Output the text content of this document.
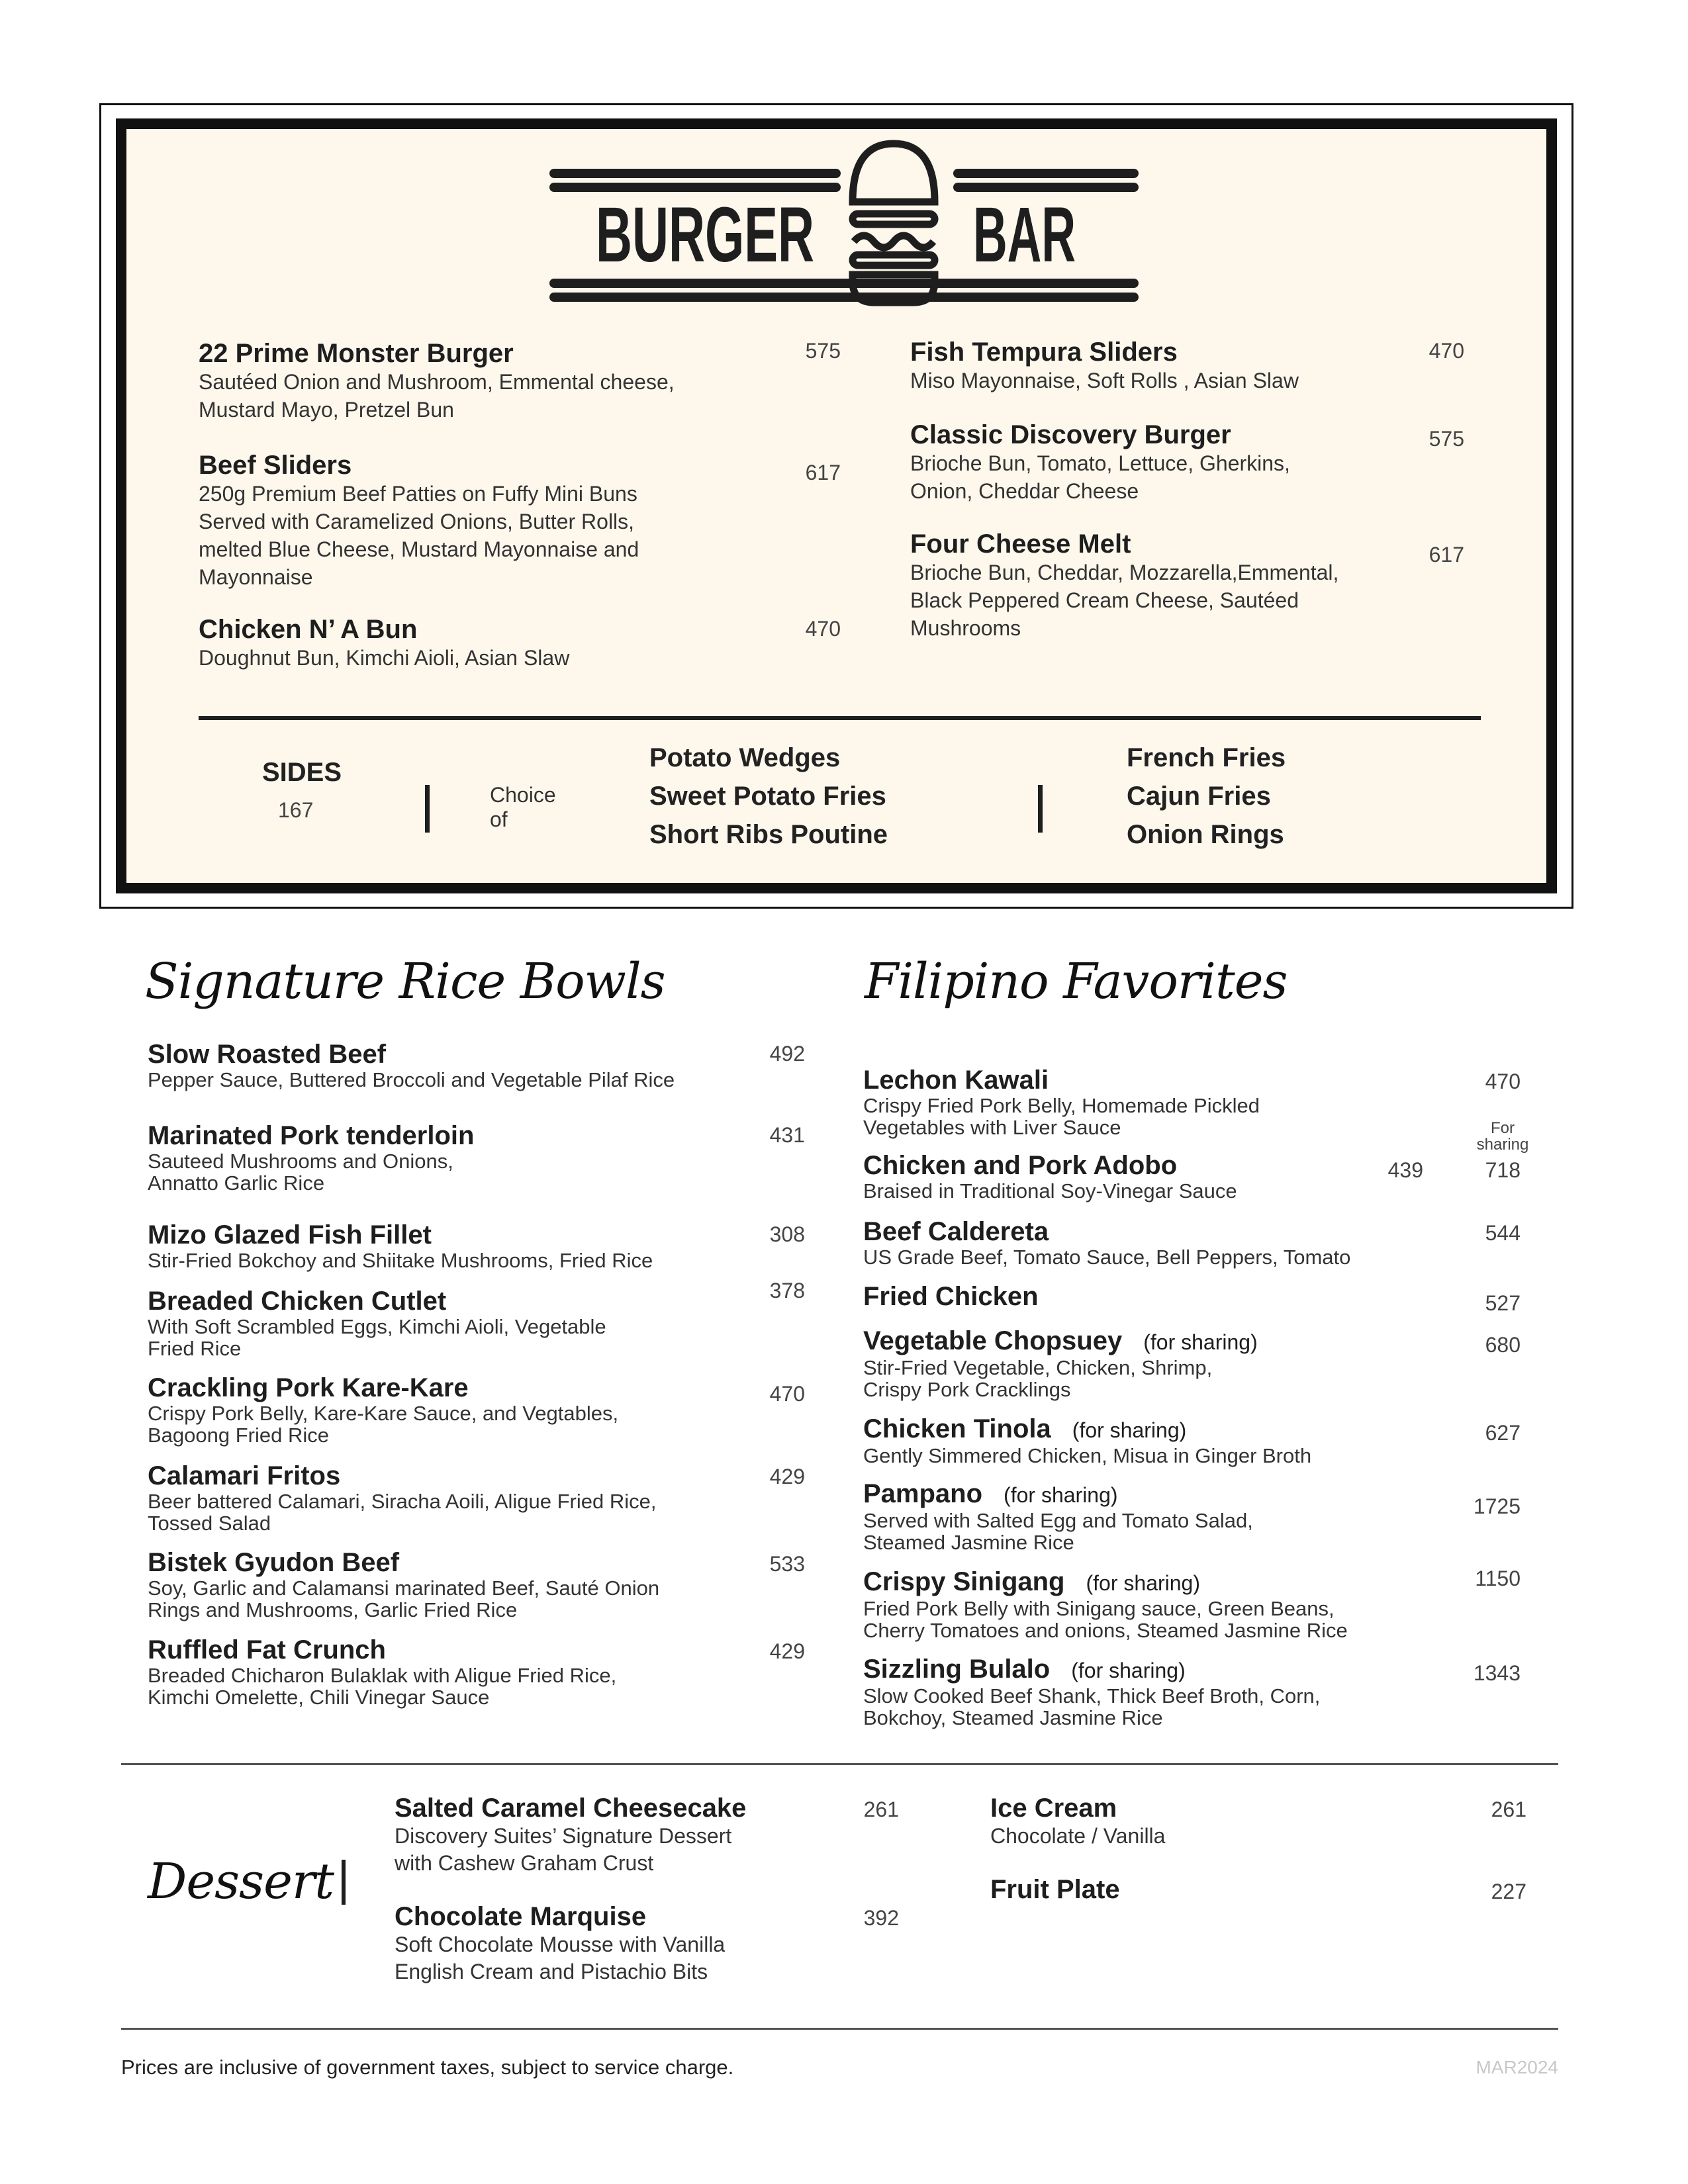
BURGER BAR
22 Prime Monster Burger
Sautéed Onion and Mushroom, Emmental cheese,
Mustard Mayo, Pretzel Bun
575
Beef Sliders
250g Premium Beef Patties on Fuffy Mini Buns
Served with Caramelized Onions, Butter Rolls,
melted Blue Cheese, Mustard Mayonnaise and
Mayonnaise
617
Chicken N’ A Bun
Doughnut Bun, Kimchi Aioli, Asian Slaw
470
Fish Tempura Sliders
Miso Mayonnaise, Soft Rolls , Asian Slaw
470
Classic Discovery Burger
Brioche Bun, Tomato, Lettuce, Gherkins,
Onion, Cheddar Cheese
575
Four Cheese Melt
Brioche Bun, Cheddar, Mozzarella,Emmental,
Black Peppered Cream Cheese, Sautéed
Mushrooms
617
Slow Roasted Beef
Pepper Sauce, Buttered Broccoli and Vegetable Pilaf Rice
492
Marinated Pork tenderloin
Sauteed Mushrooms and Onions,
Annatto Garlic Rice
431
Mizo Glazed Fish Fillet
Stir-Fried Bokchoy and Shiitake Mushrooms, Fried Rice
308
Breaded Chicken Cutlet
With Soft Scrambled Eggs, Kimchi Aioli, Vegetable
Fried Rice
378
Crackling Pork Kare-Kare
Crispy Pork Belly, Kare-Kare Sauce, and Vegtables,
Bagoong Fried Rice
470
Calamari Fritos
Beer battered Calamari, Siracha Aoili, Aligue Fried Rice,
Tossed Salad
429
Bistek Gyudon Beef
Soy, Garlic and Calamansi marinated Beef, Sauté Onion
Rings and Mushrooms, Garlic Fried Rice
533
Ruffled Fat Crunch
Breaded Chicharon Bulaklak with Aligue Fried Rice,
Kimchi Omelette, Chili Vinegar Sauce
429
Lechon Kawali
Crispy Fried Pork Belly, Homemade Pickled
Vegetables with Liver Sauce
470
Chicken and Pork Adobo
Braised in Traditional Soy-Vinegar Sauce
718
Beef Caldereta
US Grade Beef, Tomato Sauce, Bell Peppers, Tomato
544
Fried Chicken	527
Vegetable Chopsuey (for sharing)
Stir-Fried Vegetable, Chicken, Shrimp,
Crispy Pork Cracklings
680
Chicken Tinola (for sharing)
Gently Simmered Chicken, Misua in Ginger Broth
627
Pampano (for sharing)
Served with Salted Egg and Tomato Salad,
Steamed Jasmine Rice
1725
Crispy Sinigang (for sharing)
Fried Pork Belly with Sinigang sauce, Green Beans,
Cherry Tomatoes and onions, Steamed Jasmine Rice
1150
Sizzling Bulalo (for sharing)
Slow Cooked Beef Shank, Thick Beef Broth, Corn,
Bokchoy, Steamed Jasmine Rice
1343
Salted Caramel Cheesecake
Discovery Suites’ Signature Dessert
with Cashew Graham Crust
261
Chocolate Marquise
Soft Chocolate Mousse with Vanilla
English Cream and Pistachio Bits
392
Ice Cream
Chocolate / Vanilla
261
Fruit Plate	227
SIDES
167
Choice of
Potato Wedges
Sweet Potato Fries
Short Ribs Poutine
French Fries
Cajun Fries
Onion Rings
Signature Rice Bowls	Filipino Favorites
For
sharing
439
Dessert
Prices are inclusive of government taxes, subject to service charge.	MAR2024
